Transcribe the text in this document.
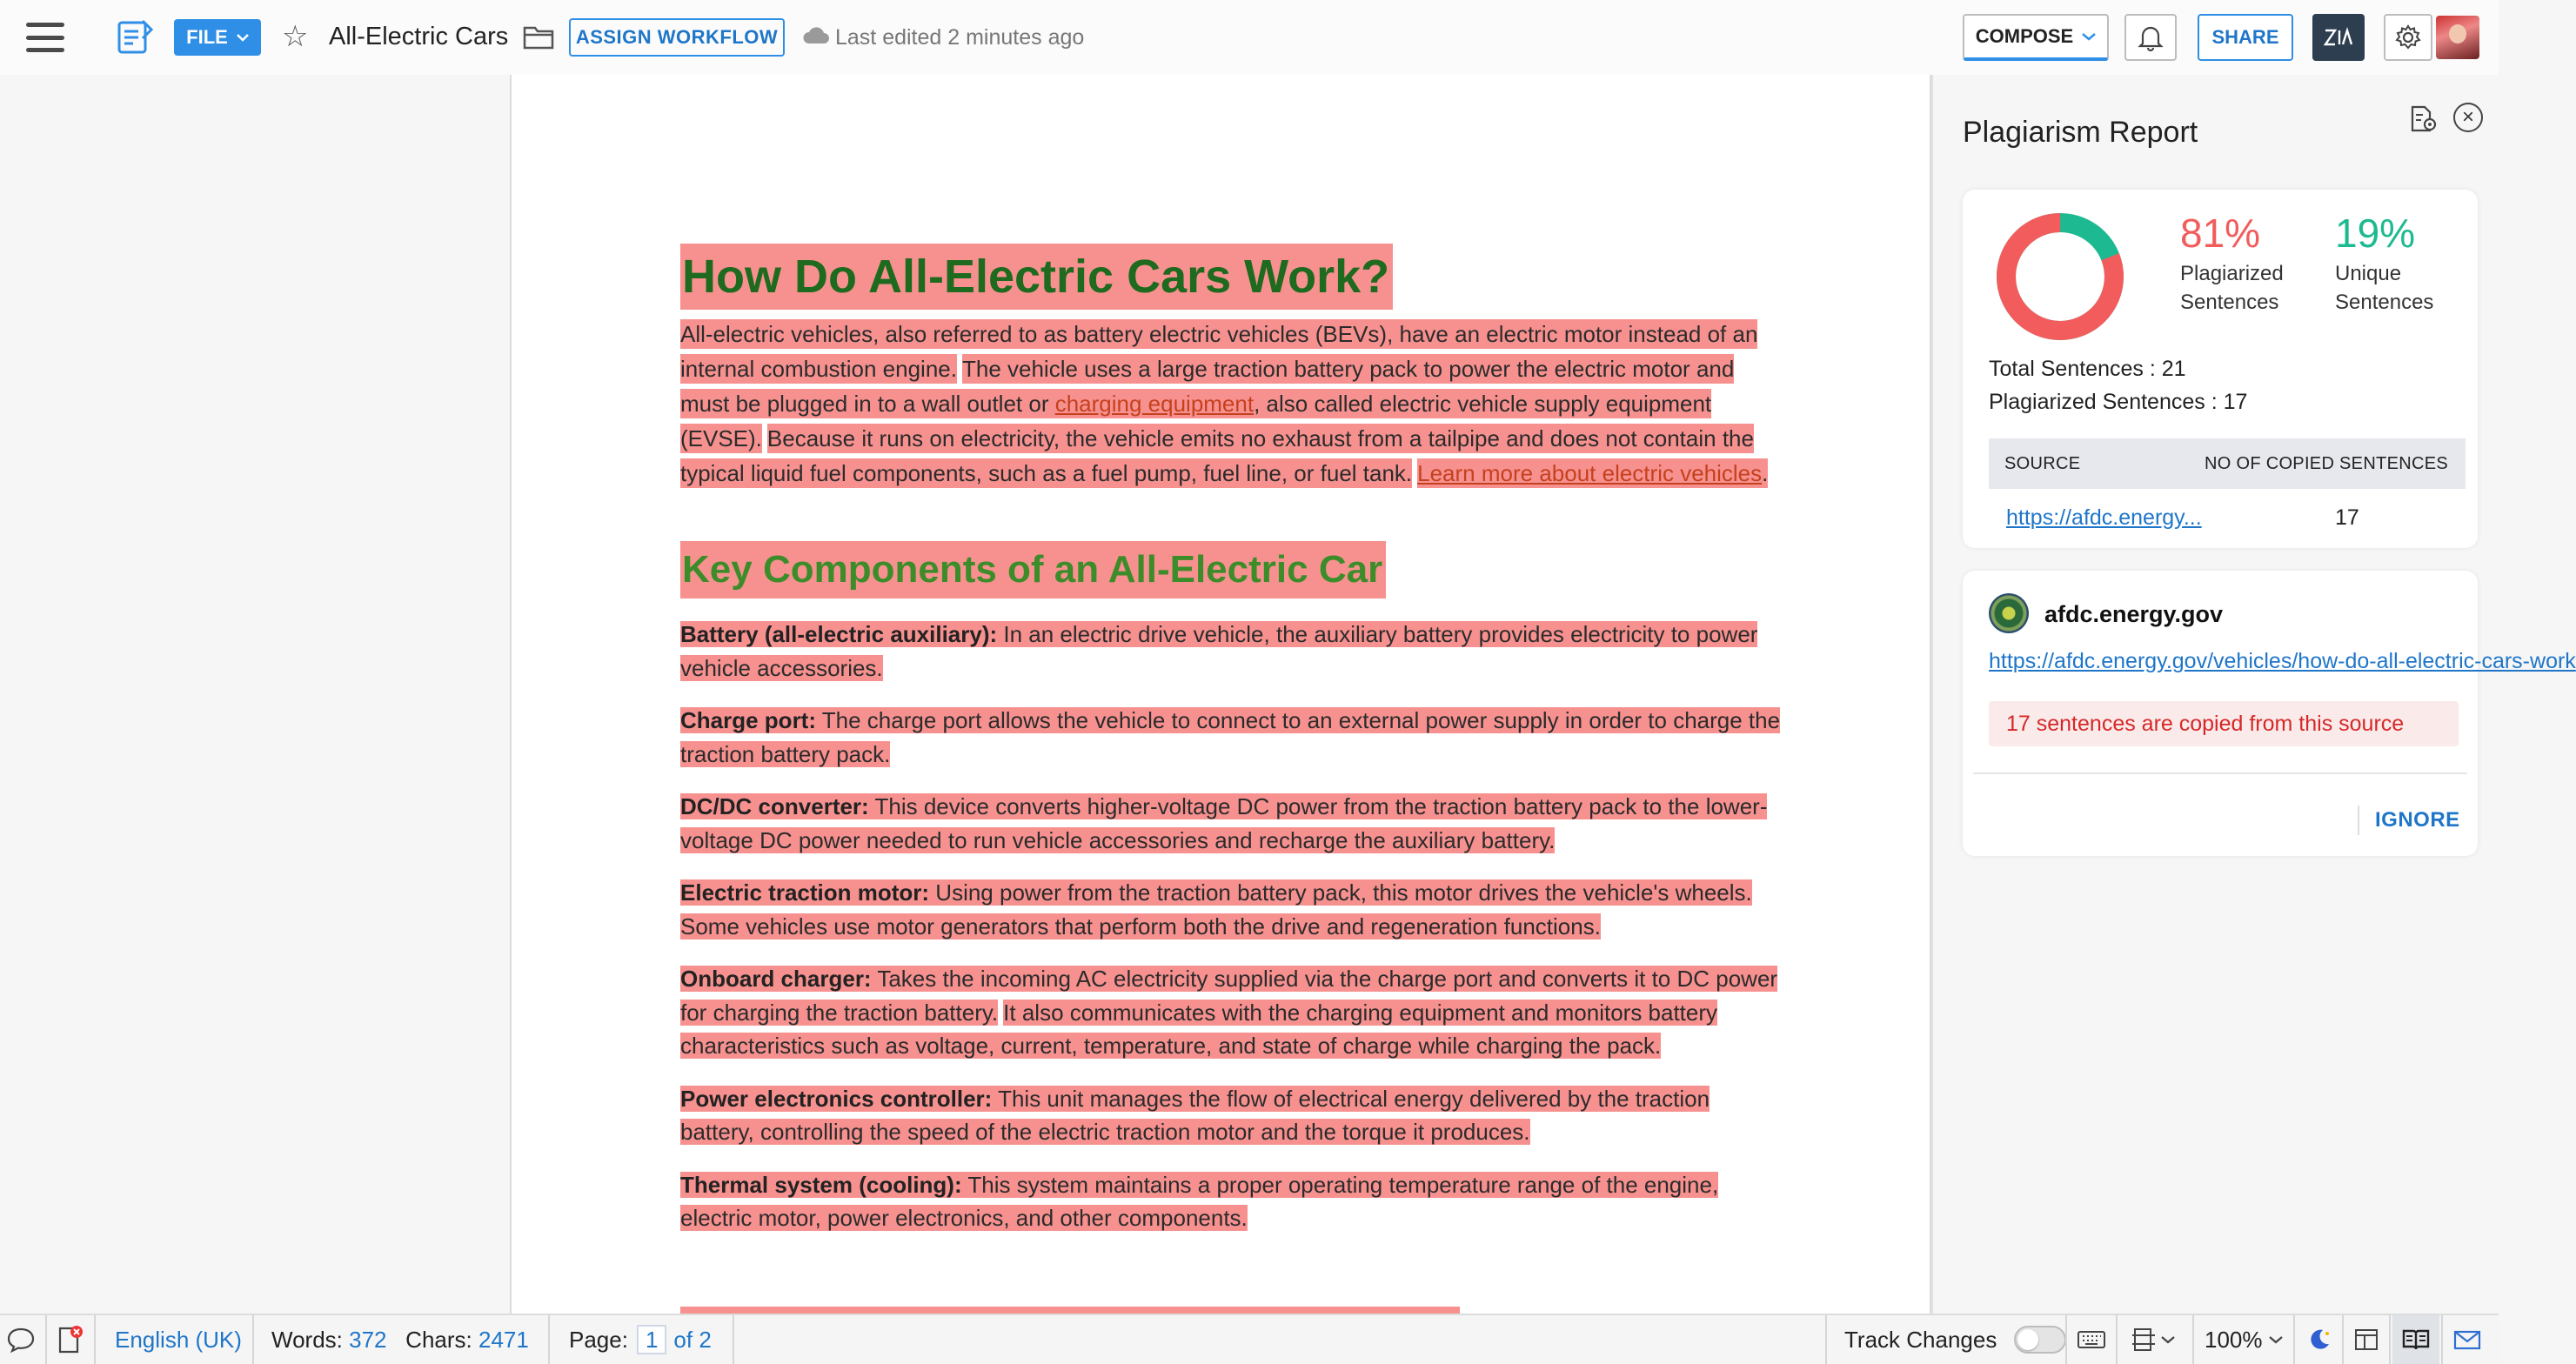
FILE ☆ All-Electric Cars	ASSIGN WORKFLOW	Last edited 2 minutes ago	COMPOSE	SHARE
How Do All-Electric Cars Work?
All-electric vehicles, also referred to as battery electric vehicles (BEVs), have an electric motor instead of an internal combustion engine. The vehicle uses a large traction battery pack to power the electric motor and must be plugged in to a wall outlet or charging equipment, also called electric vehicle supply equipment (EVSE). Because it runs on electricity, the vehicle emits no exhaust from a tailpipe and does not contain the typical liquid fuel components, such as a fuel pump, fuel line, or fuel tank. Learn more about electric vehicles.
Key Components of an All-Electric Car
Battery (all-electric auxiliary): In an electric drive vehicle, the auxiliary battery provides electricity to power vehicle accessories.
Charge port: The charge port allows the vehicle to connect to an external power supply in order to charge the traction battery pack.
DC/DC converter: This device converts higher-voltage DC power from the traction battery pack to the lower-voltage DC power needed to run vehicle accessories and recharge the auxiliary battery.
Electric traction motor: Using power from the traction battery pack, this motor drives the vehicle's wheels. Some vehicles use motor generators that perform both the drive and regeneration functions.
Onboard charger: Takes the incoming AC electricity supplied via the charge port and converts it to DC power for charging the traction battery. It also communicates with the charging equipment and monitors battery characteristics such as voltage, current, temperature, and state of charge while charging the pack.
Power electronics controller: This unit manages the flow of electrical energy delivered by the traction battery, controlling the speed of the electric traction motor and the torque it produces.
Thermal system (cooling): This system maintains a proper operating temperature range of the engine, electric motor, power electronics, and other components.
Plagiarism Report	×
81%
Plagiarized
Sentences
19%
Unique
Sentences
Total Sentences : 21
Plagiarized Sentences : 17
SOURCE	NO OF COPIED SENTENCES
https://afdc.energy...	17
afdc.energy.gov
https://afdc.energy.gov/vehicles/how-do-all-electric-cars-work
17 sentences are copied from this source
IGNORE
English (UK) Words:
372
Chars:
2471 Page: 1 of 2	Track Changes	100%
